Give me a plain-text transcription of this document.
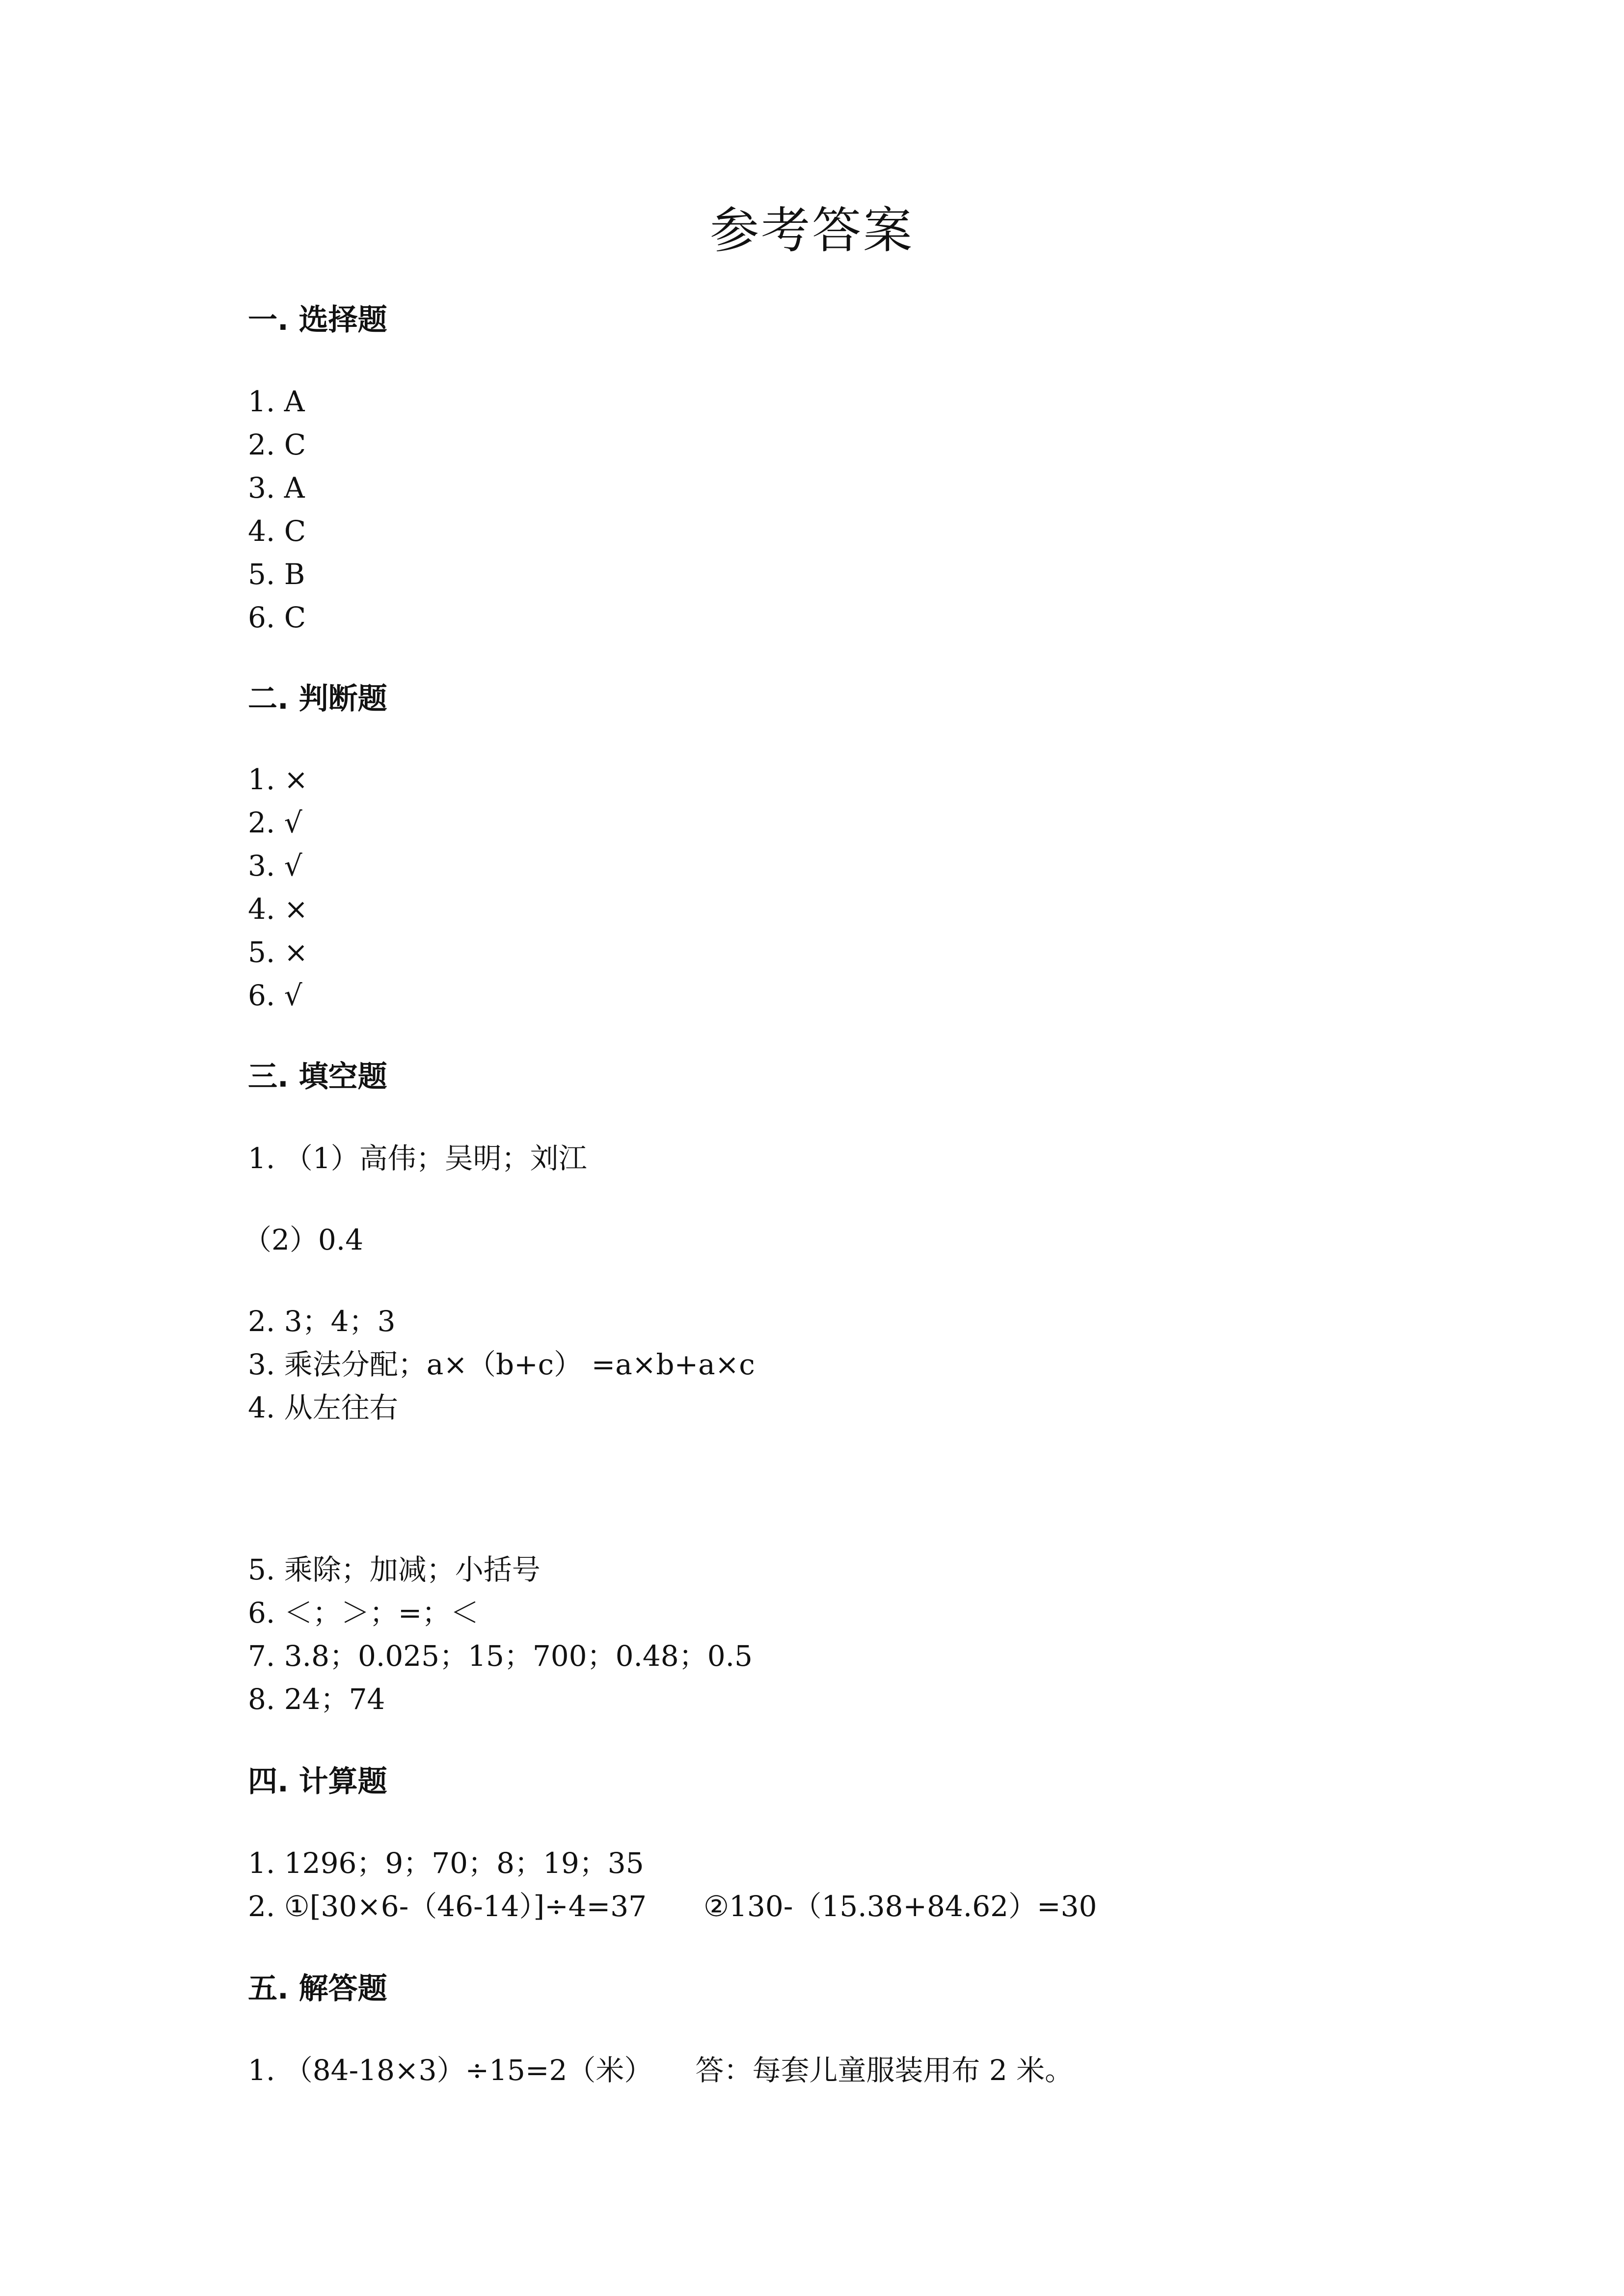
参考答案
一. 选择题
1. A
2. C
3. A
4. C
5. B
6. C
二. 判断题
1. ×
2. √
3. √
4. ×
5. ×
6. √
三. 填空题
1. （1）高伟；吴明；刘江
（2）0.4
2. 3；4；3
3. 乘法分配；a×（b+c） =a×b+a×c
4. 从左往右
5. 乘除；加减；小括号
6. ＜；＞；=；＜
7. 3.8；0.025；15；700；0.48；0.5
8. 24；74
四. 计算题
1. 1296；9；70；8；19；35
2. ①[30×6-（46-14）]÷4=37　　②130-（15.38+84.62）=30
五. 解答题
1. （84-18×3）÷15=2（米）　　答：每套儿童服装用布 2 米。
